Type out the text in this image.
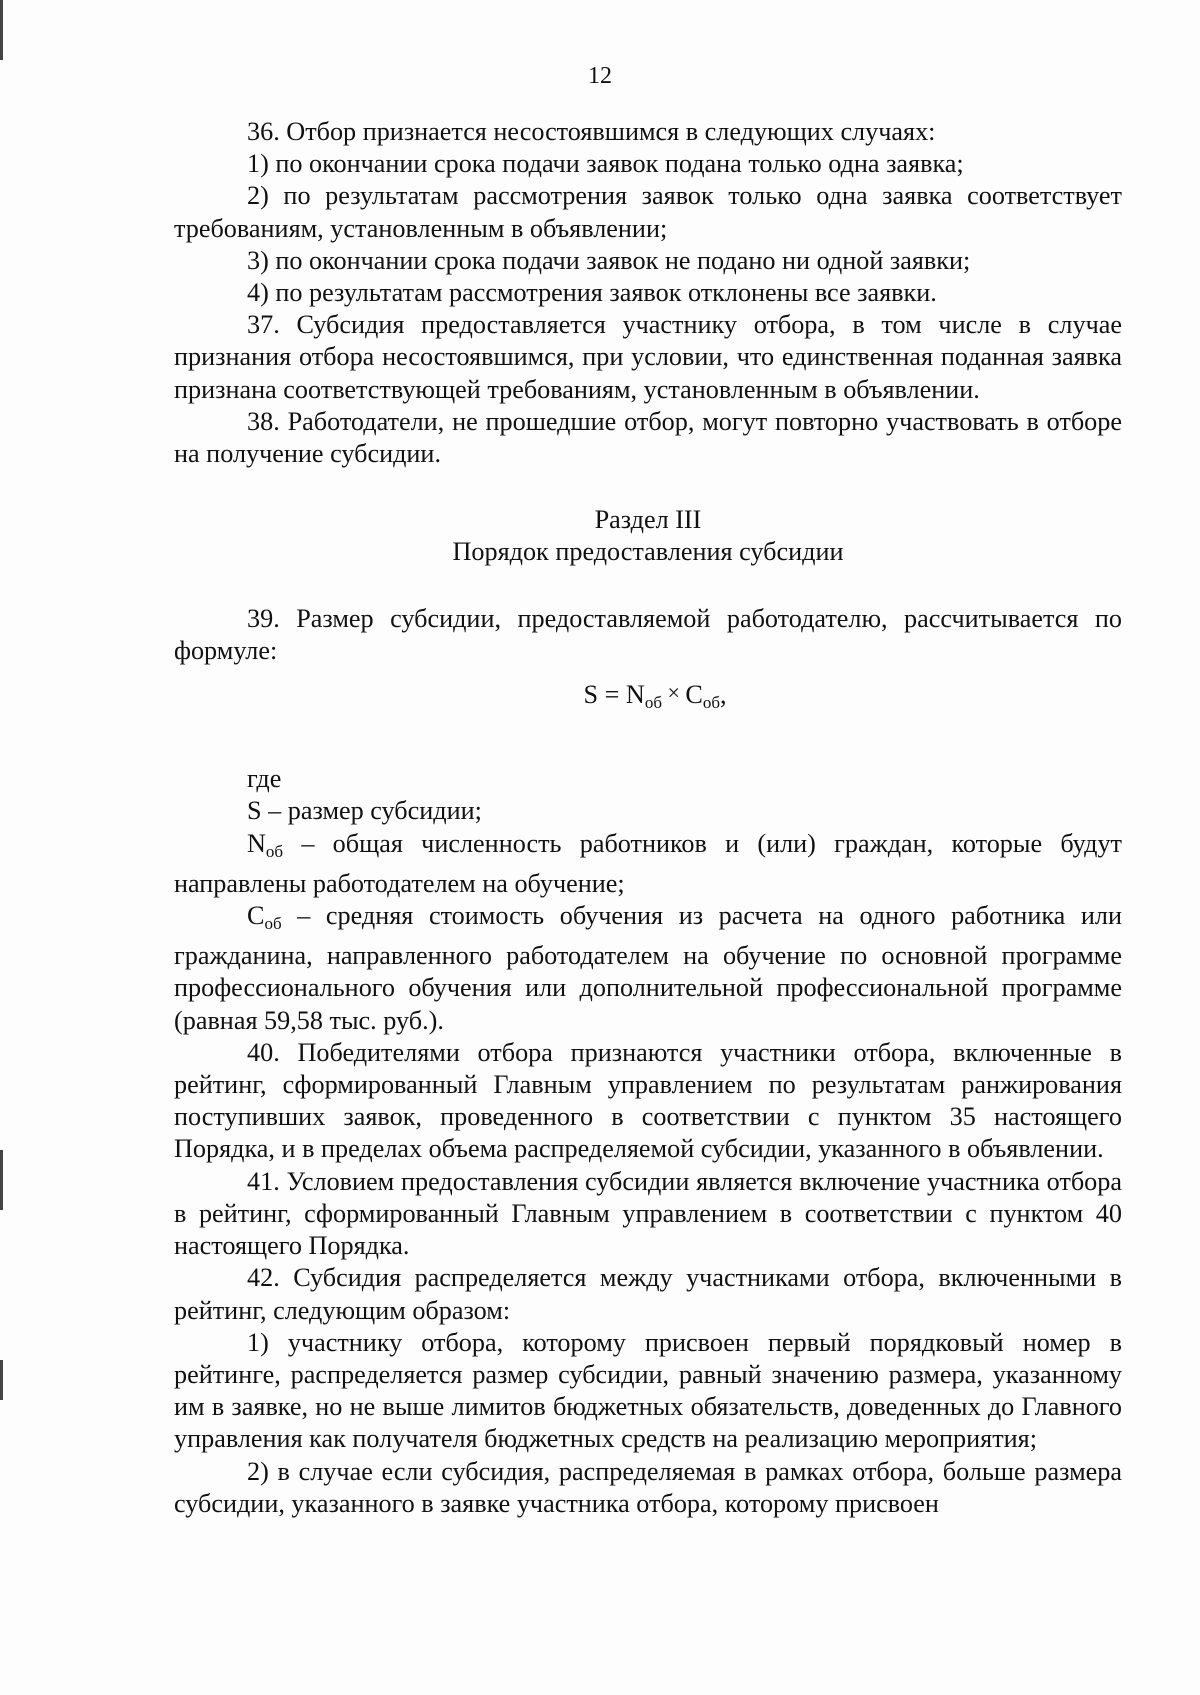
12

36. Отбор признается несостоявшимся в следующих случаях:

1) по окончании срока подачи заявок подана только одна заявка;

2) по результатам рассмотрения заявок только одна заявка соответствует требованиям, установленным в объявлении;

3) по окончании срока подачи заявок не подано ни одной заявки;

4) по результатам рассмотрения заявок отклонены все заявки.

37. Субсидия предоставляется участнику отбора, в том числе в случае признания отбора несостоявшимся, при условии, что единственная поданная заявка признана соответствующей требованиям, установленным в объявлении.

38. Работодатели, не прошедшие отбор, могут повторно участвовать в отборе на получение субсидии.

Раздел III
Порядок предоставления субсидии

39. Размер субсидии, предоставляемой работодателю, рассчитывается по формуле:

$S = N_{об} \times C_{об}$,

где

S – размер субсидии;

$N_{об}$ – общая численность работников и (или) граждан, которые будут направлены работодателем на обучение;

$C_{об}$ – средняя стоимость обучения из расчета на одного работника или гражданина, направленного работодателем на обучение по основной программе профессионального обучения или дополнительной профессиональной программе (равная 59,58 тыс. руб.).

40. Победителями отбора признаются участники отбора, включенные в рейтинг, сформированный Главным управлением по результатам ранжирования поступивших заявок, проведенного в соответствии с пунктом 35 настоящего Порядка, и в пределах объема распределяемой субсидии, указанного в объявлении.

41. Условием предоставления субсидии является включение участника отбора в рейтинг, сформированный Главным управлением в соответствии с пунктом 40 настоящего Порядка.

42. Субсидия распределяется между участниками отбора, включенными в рейтинг, следующим образом:

1) участнику отбора, которому присвоен первый порядковый номер в рейтинге, распределяется размер субсидии, равный значению размера, указанному им в заявке, но не выше лимитов бюджетных обязательств, доведенных до Главного управления как получателя бюджетных средств на реализацию мероприятия;

2) в случае если субсидия, распределяемая в рамках отбора, больше размера субсидии, указанного в заявке участника отбора, которому присвоен
